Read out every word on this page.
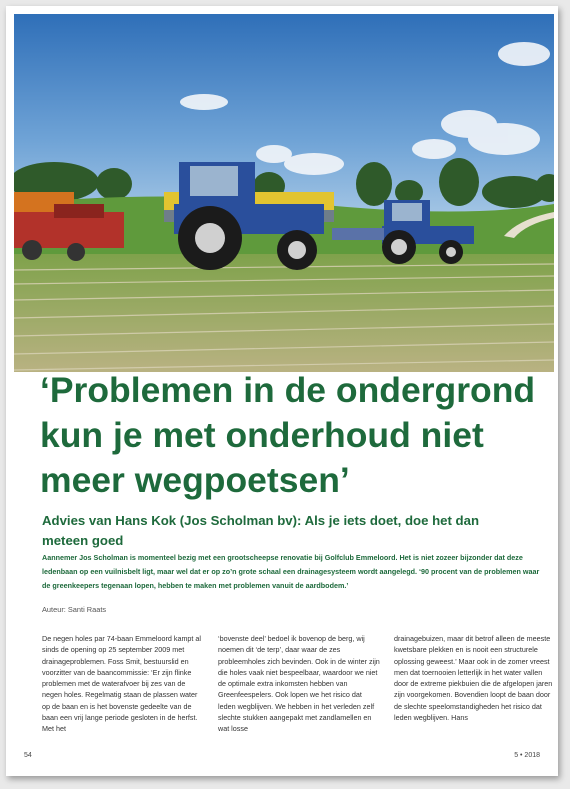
‘Problemen in de ondergrond
kun je met onderhoud niet
meer wegpoetsen’
Advies van Hans Kok (Jos Scholman bv): Als je iets doet, doe het dan meteen goed

Aannemer Jos Scholman is momenteel bezig met een grootscheepse renovatie bij Golfclub Emmeloord. Het is niet zozeer bijzonder dat deze ledenbaan op een vuilnisbelt ligt, maar wel dat er op zo’n grote schaal een drainagesysteem wordt aangelegd. ‘90 procent van de problemen waar de greenkeepers tegenaan lopen, hebben te maken met problemen vanuit de aardbodem.’

Auteur: Santi Raats

De negen holes par 74-baan Emmeloord kampt al sinds de opening op 25 september 2009 met drainageproblemen. Foss Smit, bestuurslid en voorzitter van de baancommissie: ‘Er zijn flinke problemen met de waterafvoer bij zes van de negen holes. Regelmatig staan de plassen water op de baan en is het bovenste gedeelte van de baan een vrij lange periode gesloten in de herfst. Met het

‘bovenste deel’ bedoel ik bovenop de berg, wij noemen dit ‘de terp’, daar waar de zes probleemholes zich bevinden. Ook in de winter zijn die holes vaak niet bespeelbaar, waardoor we niet de optimale extra inkomsten hebben van Greenfeespelers. Ook lopen we het risico dat leden wegblijven. We hebben in het verleden zelf slechte stukken aangepakt met zandlamellen en wat losse

drainagebuizen, maar dit betrof alleen de meeste kwetsbare plekken en is nooit een structurele oplossing geweest.’ Maar ook in de zomer vreest men dat toernooien letterlijk in het water vallen door de extreme piekbuien die de afgelopen jaren zijn voorgekomen. Bovendien loopt de baan door de slechte speelomstandigheden het risico dat leden wegblijven. Hans

54	5 • 2018
